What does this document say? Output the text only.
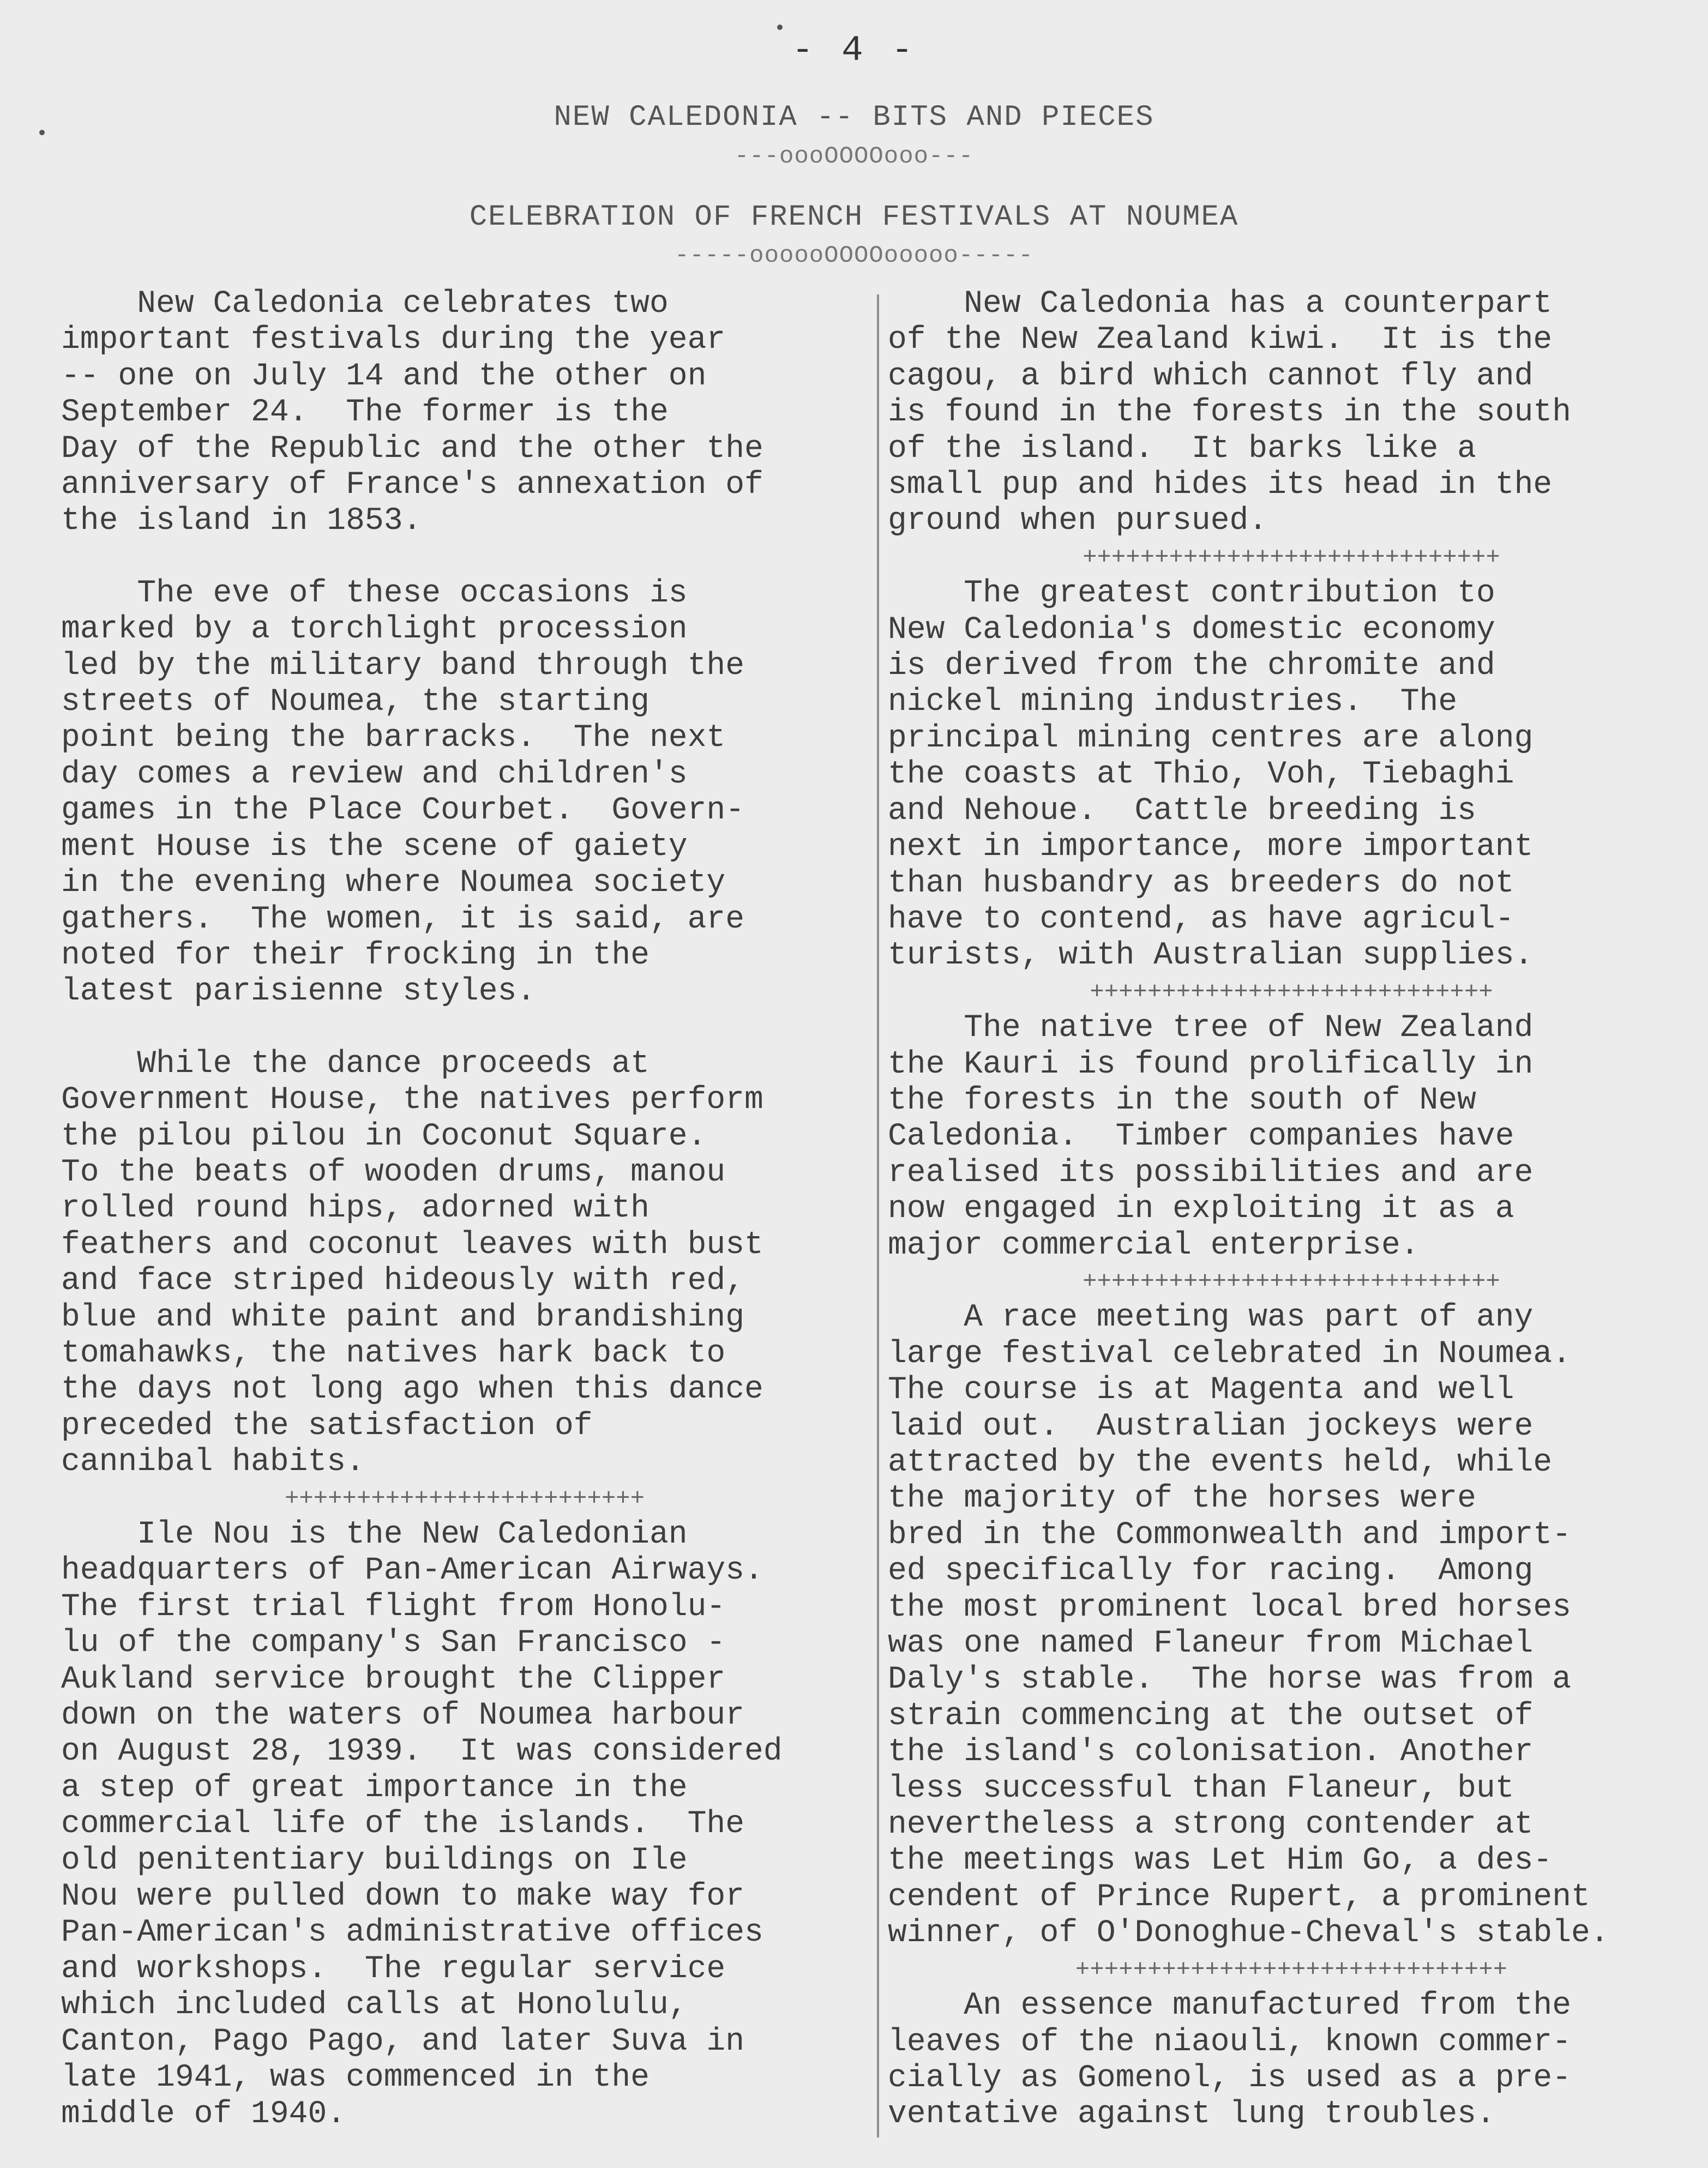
- 4 -
NEW CALEDONIA -- BITS AND PIECES
---oooOOOOooo---
CELEBRATION OF FRENCH FESTIVALS AT NOUMEA
-----oooooOOOOooooo-----

New Caledonia celebrates two

important festivals during the year

-- one on July 14 and the other on

September 24.  The former is the

Day of the Republic and the other the

anniversary of France's annexation of

the island in 1853.

The eve of these occasions is

marked by a torchlight procession

led by the military band through the

streets of Noumea, the starting

point being the barracks.  The next

day comes a review and children's

games in the Place Courbet.  Govern-

ment House is the scene of gaiety

in the evening where Noumea society

gathers.  The women, it is said, are

noted for their frocking in the

latest parisienne styles.

While the dance proceeds at

Government House, the natives perform

the pilou pilou in Coconut Square.

To the beats of wooden drums, manou

rolled round hips, adorned with

feathers and coconut leaves with bust

and face striped hideously with red,

blue and white paint and brandishing

tomahawks, the natives hark back to

the days not long ago when this dance

preceded the satisfaction of

cannibal habits.

+++++++++++++++++++++++++

Ile Nou is the New Caledonian

headquarters of Pan-American Airways.

The first trial flight from Honolu-

lu of the company's San Francisco -

Aukland service brought the Clipper

down on the waters of Noumea harbour

on August 28, 1939.  It was considered

a step of great importance in the

commercial life of the islands.  The

old penitentiary buildings on Ile

Nou were pulled down to make way for

Pan-American's administrative offices

and workshops.  The regular service

which included calls at Honolulu,

Canton, Pago Pago, and later Suva in

late 1941, was commenced in the

middle of 1940.

New Caledonia has a counterpart

of the New Zealand kiwi.  It is the

cagou, a bird which cannot fly and

is found in the forests in the south

of the island.  It barks like a

small pup and hides its head in the

ground when pursued.

+++++++++++++++++++++++++++++

The greatest contribution to

New Caledonia's domestic economy

is derived from the chromite and

nickel mining industries.  The

principal mining centres are along

the coasts at Thio, Voh, Tiebaghi

and Nehoue.  Cattle breeding is

next in importance, more important

than husbandry as breeders do not

have to contend, as have agricul-

turists, with Australian supplies.

++++++++++++++++++++++++++++

The native tree of New Zealand

the Kauri is found prolifically in

the forests in the south of New

Caledonia.  Timber companies have

realised its possibilities and are

now engaged in exploiting it as a

major commercial enterprise.

+++++++++++++++++++++++++++++

A race meeting was part of any

large festival celebrated in Noumea.

The course is at Magenta and well

laid out.  Australian jockeys were

attracted by the events held, while

the majority of the horses were

bred in the Commonwealth and import-

ed specifically for racing.  Among

the most prominent local bred horses

was one named Flaneur from Michael

Daly's stable.  The horse was from a

strain commencing at the outset of

the island's colonisation. Another

less successful than Flaneur, but

nevertheless a strong contender at

the meetings was Let Him Go, a des-

cendent of Prince Rupert, a prominent

winner, of O'Donoghue-Cheval's stable.

++++++++++++++++++++++++++++++

An essence manufactured from the

leaves of the niaouli, known commer-

cially as Gomenol, is used as a pre-

ventative against lung troubles.
